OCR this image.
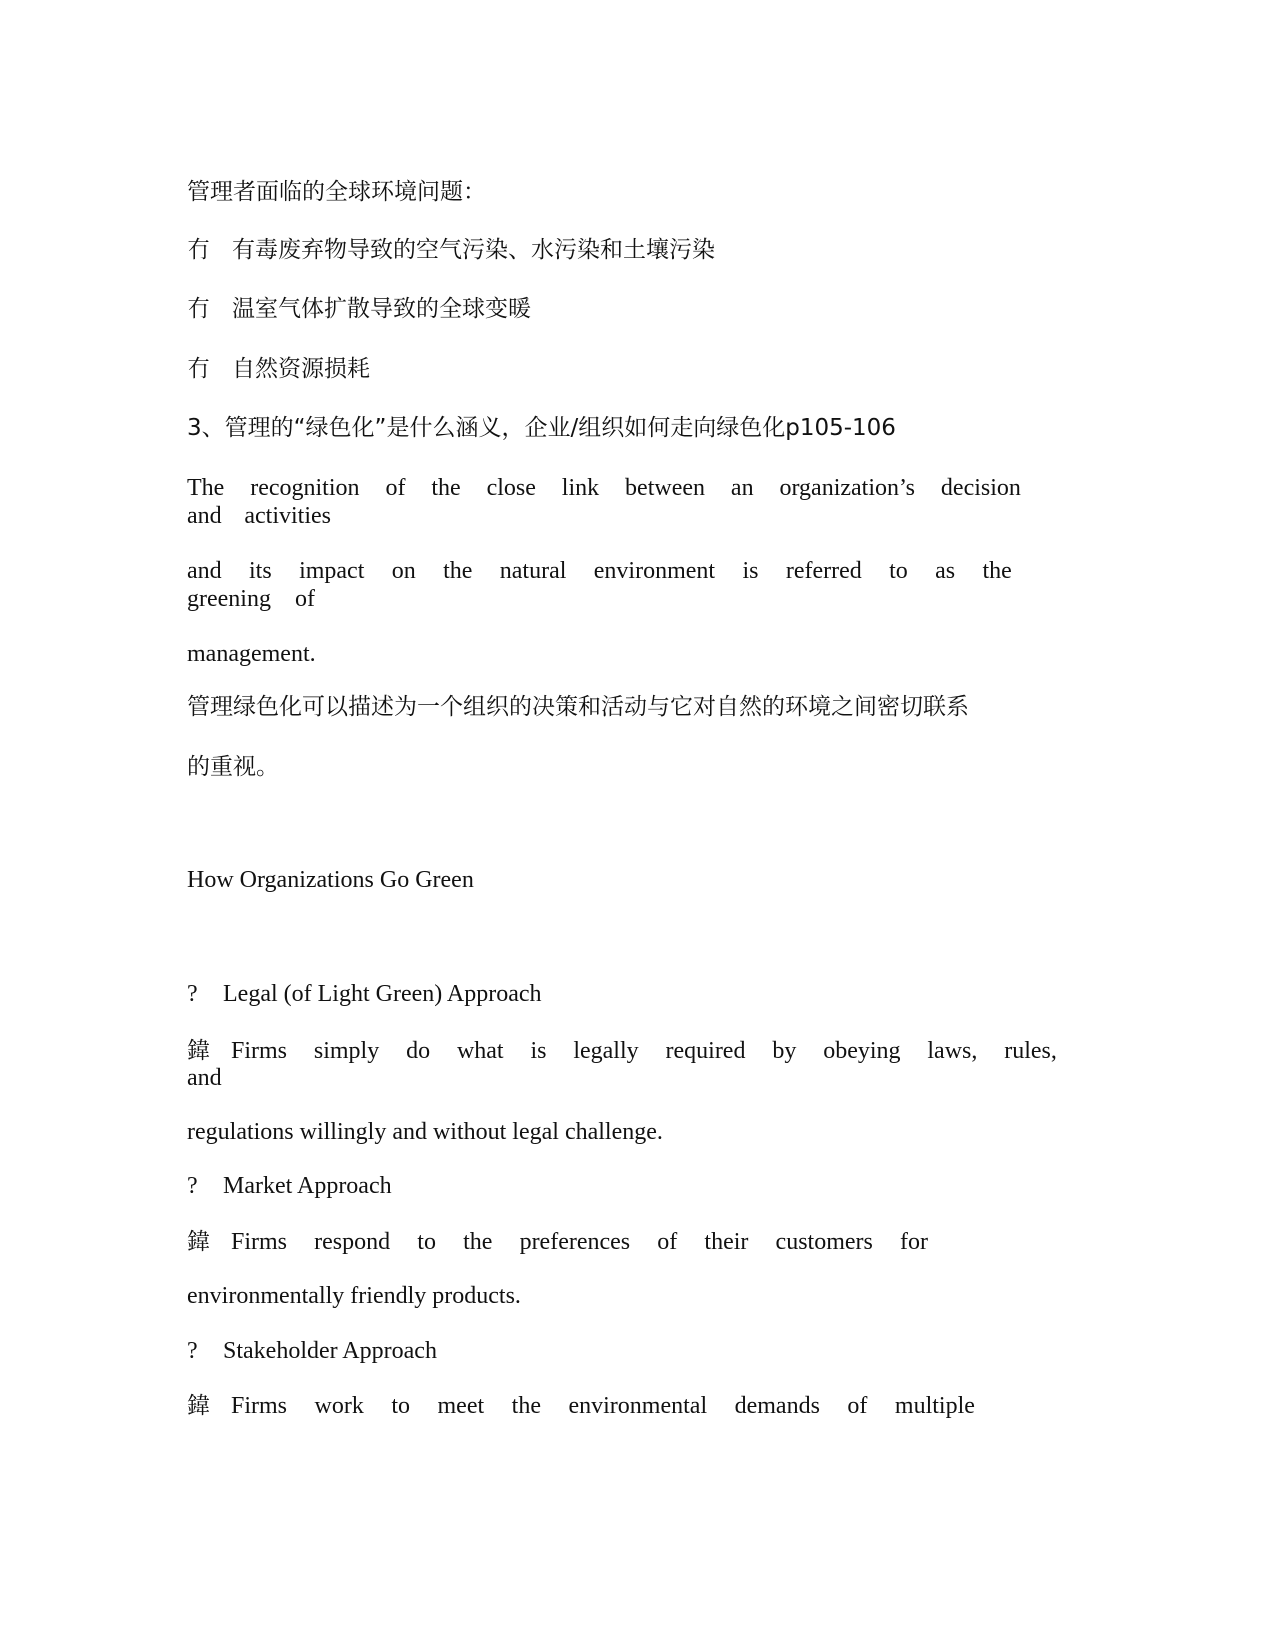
管理者面临的全球环境问题：
冇 有毒废弃物导致的空气污染、水污染和土壤污染
冇 温室气体扩散导致的全球变暖
冇 自然资源损耗
3、管理的“绿色化”是什么涵义，企业/组织如何走向绿色化p105-106
The recognition of the close link between an organization’s decision
and activities
and its impact on the natural environment is referred to as the
greening of
management.
管理绿色化可以描述为一个组织的决策和活动与它对自然的环境之间密切联系
的重视。
How Organizations Go Green
? Legal (of Light Green) Approach
鍏 Firms simply do what is legally required by obeying laws, rules,
and
regulations willingly and without legal challenge.
? Market Approach
鍏 Firms respond to the preferences of their customers for
environmentally friendly products.
? Stakeholder Approach
鍏 Firms work to meet the environmental demands of multiple
